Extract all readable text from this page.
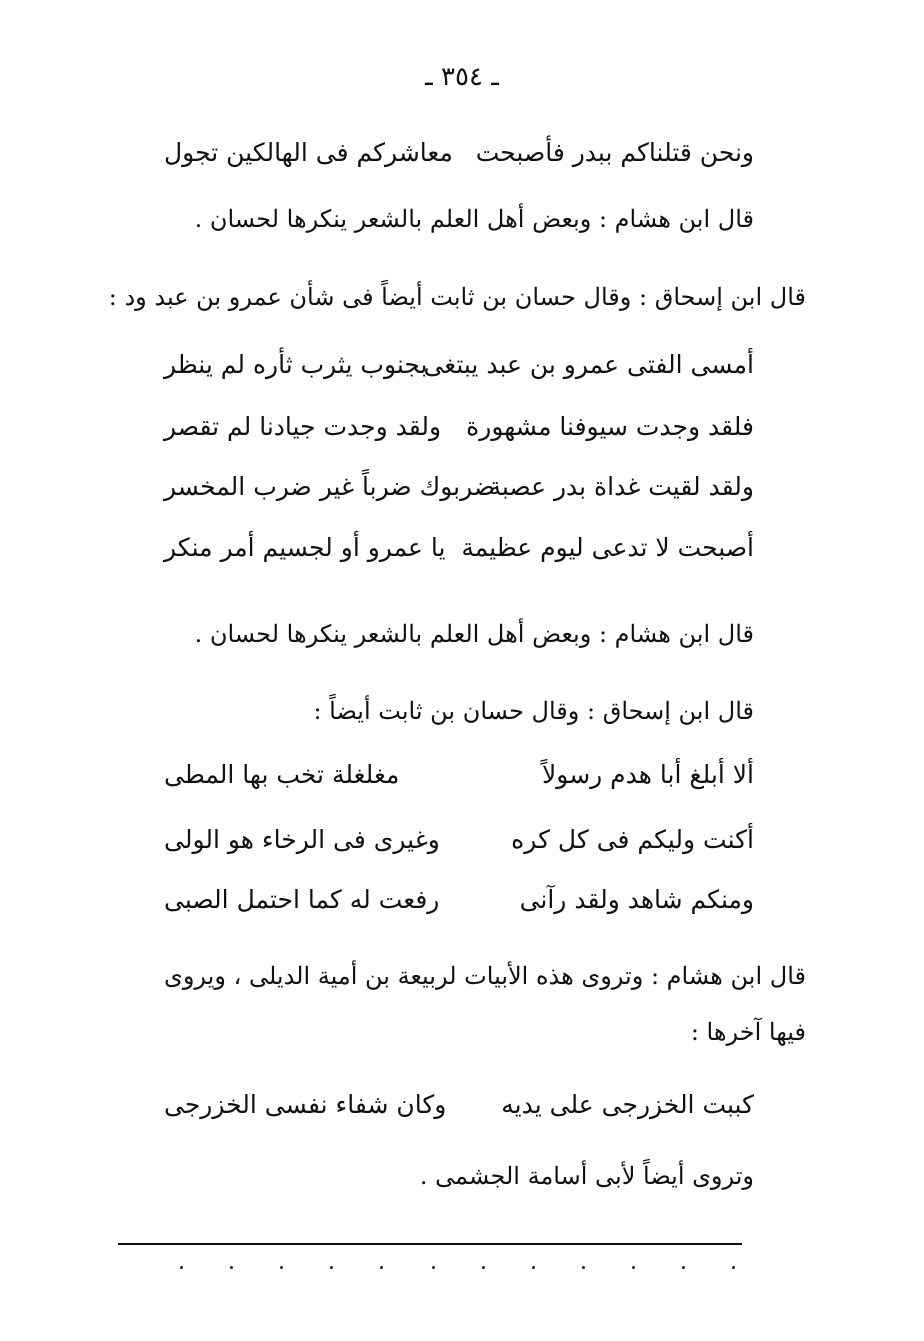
ـ ٣٥٤ ـ
ونحن قتلناكم ببدر فأصبحت
معاشركم فى الهالكين تجول
قال ابن هشام : وبعض أهل العلم بالشعر ينكرها لحسان .
قال ابن إسحاق : وقال حسان بن ثابت أيضاً فى شأن عمرو بن عبد ود :
أمسى الفتى عمرو بن عبد يبتغى
بجنوب يثرب ثأره لم ينظر
فلقد وجدت سيوفنا مشهورة
ولقد وجدت جيادنا لم تقصر
ولقد لقيت غداة بدر عصبة
ضربوك ضرباً غير ضرب المخسر
أصبحت لا تدعى ليوم عظيمة
يا عمرو أو لجسيم أمر منكر
قال ابن هشام : وبعض أهل العلم بالشعر ينكرها لحسان .
قال ابن إسحاق : وقال حسان بن ثابت أيضاً :
ألا أبلغ أبا هدم رسولاً
مغلغلة تخب بها المطى
أكنت وليكم فى كل كره
وغيرى فى الرخاء هو الولى
ومنكم شاهد ولقد رآنى
رفعت له كما احتمل الصبى
قال ابن هشام : وتروى هذه الأبيات لربيعة بن أمية الديلى ، ويروى
فيها آخرها :
كببت الخزرجى على يديه
وكان شفاء نفسى الخزرجى
وتروى أيضاً لأبى أسامة الجشمى .
